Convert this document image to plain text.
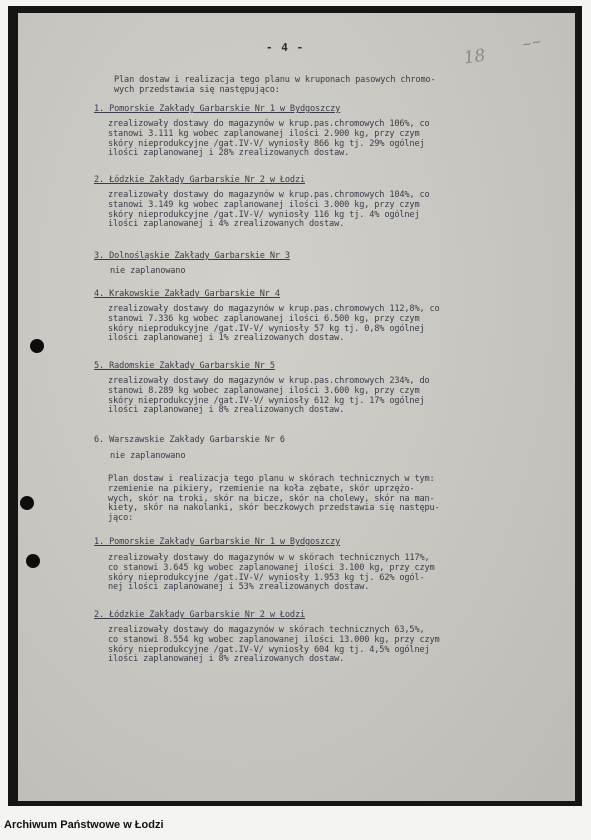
- 4 -	18
~~
Plan dostaw i realizacja tego planu w kruponach pasowych chromo-
wych przedstawia się następująco:
1. Pomorskie Zakłady Garbarskie Nr 1 w Bydgoszczy
zrealizowały dostawy do magazynów w krup.pas.chromowych 106%, co
stanowi 3.111 kg wobec zaplanowanej ilości 2.900 kg, przy czym
skóry nieprodukcyjne /gat.IV-V/ wyniosły 866 kg tj. 29% ogólnej
ilości zaplanowanej i 28% zrealizowanych dostaw.
2. Łódzkie Zakłady Garbarskie Nr 2 w Łodzi
zrealizowały dostawy do magazynów w krup.pas.chromowych 104%, co
stanowi 3.149 kg wobec zaplanowanej ilości 3.000 kg, przy czym
skóry nieprodukcyjne /gat.IV-V/ wyniosły 116 kg tj. 4% ogólnej
ilości zaplanowanej i 4% zrealizowanych dostaw.
3. Dolnośląskie Zakłady Garbarskie Nr 3
nie zaplanowano
4. Krakowskie Zakłady Garbarskie Nr 4
zrealizowały dostawy do magazynów w krup.pas.chromowych 112,8%, co
stanowi 7.336 kg wobec zaplanowanej ilości 6.500 kg, przy czym
skóry nieprodukcyjne /gat.IV-V/ wyniosły 57 kg tj. 0,8% ogólnej
ilości zaplanowanej i 1% zrealizowanych dostaw.
5. Radomskie Zakłady Garbarskie Nr 5
zrealizowały dostawy do magazynów w krup.pas.chromowych 234%, do
stanowi 8.289 kg wobec zaplanowanej ilości 3.600 kg, przy czym
skóry nieprodukcyjne /gat.IV-V/ wyniosły 612 kg tj. 17% ogólnej
ilości zaplanowanej i 8% zrealizowanych dostaw.
6. Warszawskie Zakłady Garbarskie Nr 6
nie zaplanowano
Plan dostaw i realizacja tego planu w skórach technicznych w tym:
rzemienie na pikiery, rzemienie na koła zębate, skór uprzężo-
wych, skór na troki, skór na bicze, skór na cholewy, skór na man-
kiety, skór na nakolanki, skór beczkowych przedstawia się następu-
jąco:
1. Pomorskie Zakłady Garbarskie Nr 1 w Bydgoszczy
zrealizowały dostawy do magazynów w w skórach technicznych 117%,
co stanowi 3.645 kg wobec zaplanowanej ilości 3.100 kg, przy czym
skóry nieprodukcyjne /gat.IV-V/ wyniosły 1.953 kg tj. 62% ogól-
nej ilości zaplanowanej i 53% zrealizowanych dostaw.
2. Łódzkie Zakłady Garbarskie Nr 2 w Łodzi
zrealizowały dostawy do magazynów w skórach technicznych 63,5%,
co stanowi 8.554 kg wobec zaplanowanej ilości 13.000 kg, przy czym
skóry nieprodukcyjne /gat.IV-V/ wyniosły 604 kg tj. 4,5% ogólnej
ilości zaplanowanej i 8% zrealizowanych dostaw.
Archiwum Państwowe w Łodzi
